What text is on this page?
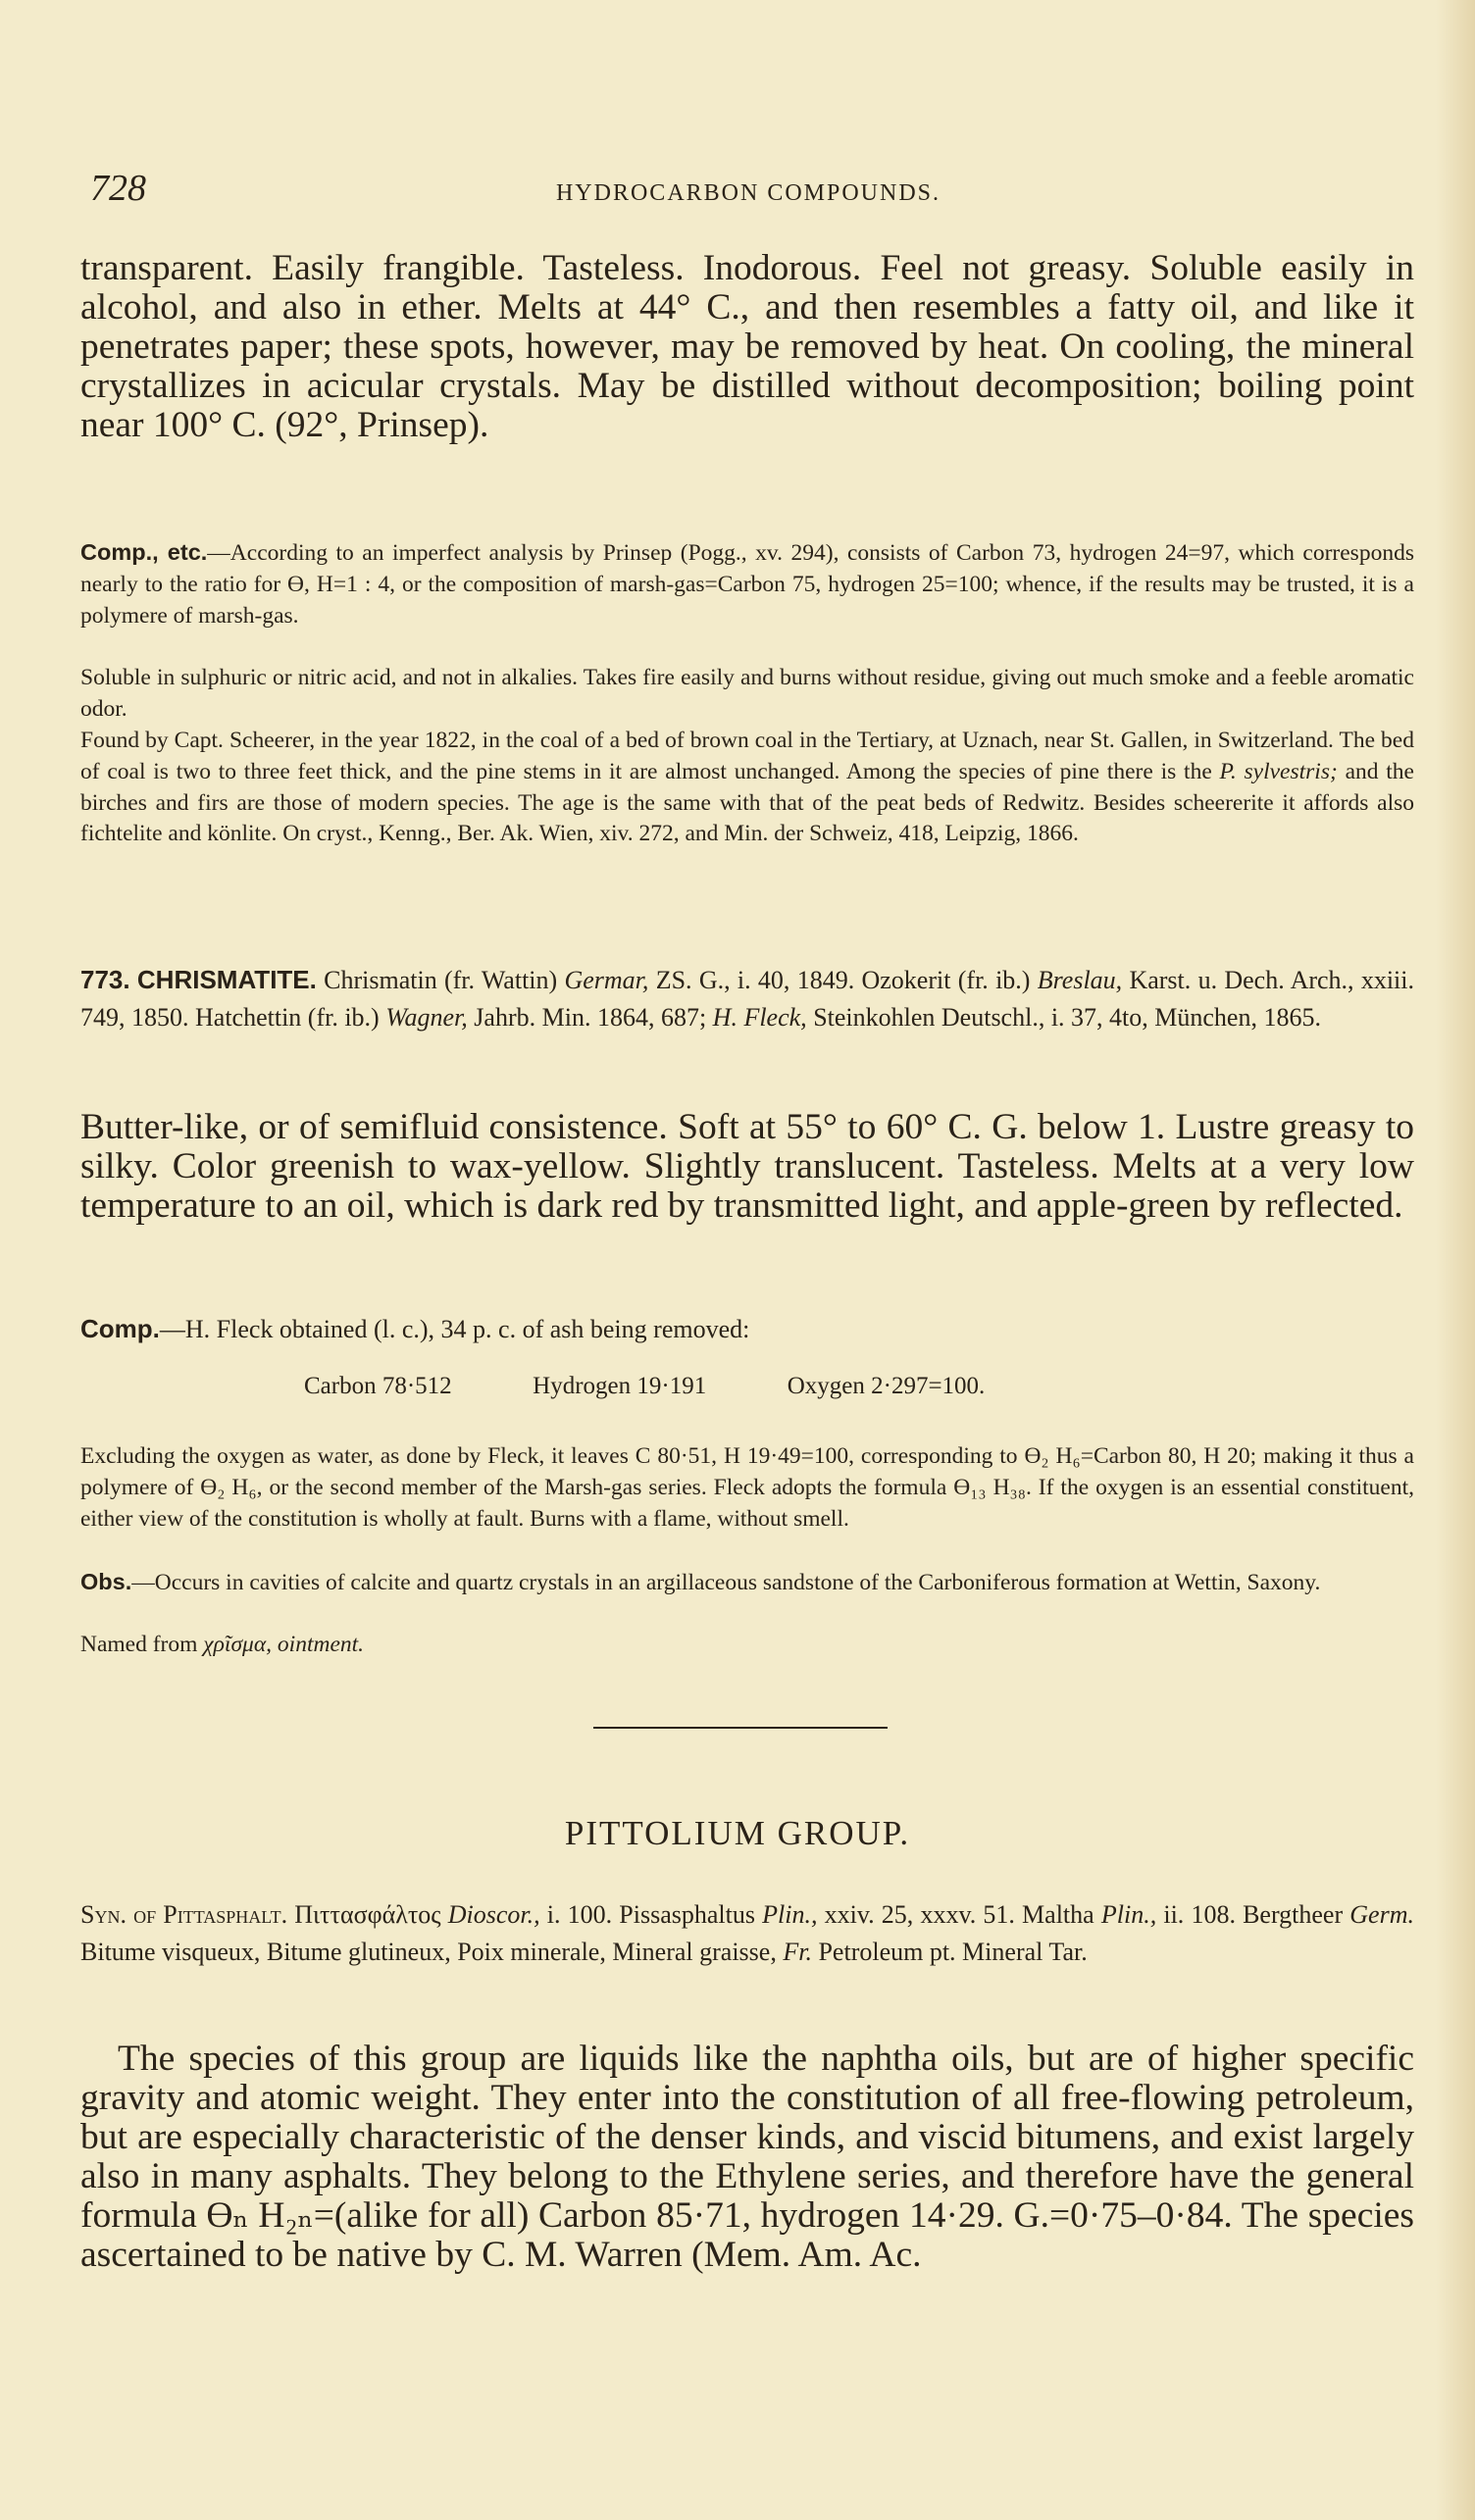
728	HYDROCARBON COMPOUNDS.

transparent. Easily frangible. Tasteless. Inodorous. Feel not greasy. Soluble easily in alcohol, and also in ether. Melts at 44° C., and then resembles a fatty oil, and like it penetrates paper; these spots, however, may be removed by heat. On cooling, the mineral crystallizes in acicular crystals. May be distilled without decomposition; boiling point near 100° C. (92°, Prinsep).

Comp., etc.—According to an imperfect analysis by Prinsep (Pogg., xv. 294), consists of Carbon 73, hydrogen 24=97, which corresponds nearly to the ratio for Ɵ, H=1 : 4, or the composition of marsh-gas=Carbon 75, hydrogen 25=100; whence, if the results may be trusted, it is a polymere of marsh-gas.

Soluble in sulphuric or nitric acid, and not in alkalies. Takes fire easily and burns without residue, giving out much smoke and a feeble aromatic odor.

Found by Capt. Scheerer, in the year 1822, in the coal of a bed of brown coal in the Tertiary, at Uznach, near St. Gallen, in Switzerland. The bed of coal is two to three feet thick, and the pine stems in it are almost unchanged. Among the species of pine there is the P. sylvestris; and the birches and firs are those of modern species. The age is the same with that of the peat beds of Redwitz. Besides scheererite it affords also fichtelite and könlite. On cryst., Kenng., Ber. Ak. Wien, xiv. 272, and Min. der Schweiz, 418, Leipzig, 1866.

773. CHRISMATITE. Chrismatin (fr. Wattin) Germar, ZS. G., i. 40, 1849. Ozokerit (fr. ib.) Breslau, Karst. u. Dech. Arch., xxiii. 749, 1850. Hatchettin (fr. ib.) Wagner, Jahrb. Min. 1864, 687; H. Fleck, Steinkohlen Deutschl., i. 37, 4to, München, 1865.

Butter-like, or of semifluid consistence. Soft at 55° to 60° C. G. below 1. Lustre greasy to silky. Color greenish to wax-yellow. Slightly translucent. Tasteless. Melts at a very low temperature to an oil, which is dark red by transmitted light, and apple-green by reflected.

Comp.—H. Fleck obtained (l. c.), 34 p. c. of ash being removed:

Carbon 78·512	Hydrogen 19·191	Oxygen 2·297=100.

Excluding the oxygen as water, as done by Fleck, it leaves C 80·51, H 19·49=100, corresponding to Ɵ₂ H₆=Carbon 80, H 20; making it thus a polymere of Ɵ₂ H₆, or the second member of the Marsh-gas series. Fleck adopts the formula Ɵ₁₃ H₃₈. If the oxygen is an essential constituent, either view of the constitution is wholly at fault. Burns with a flame, without smell.

Obs.—Occurs in cavities of calcite and quartz crystals in an argillaceous sandstone of the Carboniferous formation at Wettin, Saxony.

Named from χρῖσμα, ointment.

PITTOLIUM GROUP.

Syn. of Pittasphalt. Πιττασφάλτος Dioscor., i. 100. Pissasphaltus Plin., xxiv. 25, xxxv. 51. Maltha Plin., ii. 108. Bergtheer Germ. Bitume visqueux, Bitume glutineux, Poix minerale, Mineral graisse, Fr. Petroleum pt. Mineral Tar.

The species of this group are liquids like the naphtha oils, but are of higher specific gravity and atomic weight. They enter into the constitution of all free-flowing petroleum, but are especially characteristic of the denser kinds, and viscid bitumens, and exist largely also in many asphalts. They belong to the Ethylene series, and therefore have the general formula Ɵₙ H₂ₙ=(alike for all) Carbon 85·71, hydrogen 14·29. G.=0·75–0·84. The species ascertained to be native by C. M. Warren (Mem. Am. Ac.
